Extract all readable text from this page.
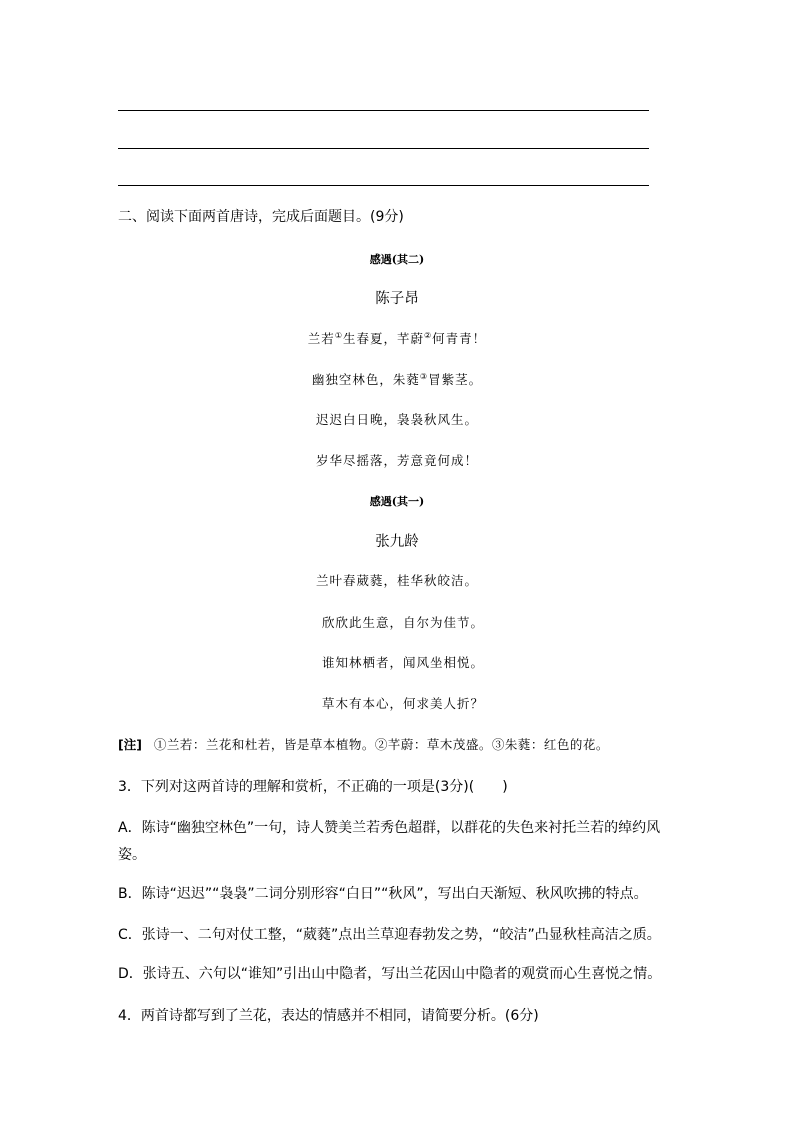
二、阅读下面两首唐诗，完成后面题目。(9分)
感遇(其二)
陈子昂
兰若①生春夏，芊蔚②何青青！
幽独空林色，朱蕤③冒紫茎。
迟迟白日晚，袅袅秋风生。
岁华尽摇落，芳意竟何成！
感遇(其一)
张九龄
兰叶春葳蕤，桂华秋皎洁。
欣欣此生意，自尔为佳节。
谁知林栖者，闻风坐相悦。
草木有本心，何求美人折？
[注] ①兰若：兰花和杜若，皆是草本植物。②芊蔚：草木茂盛。③朱蕤：红色的花。
3．下列对这两首诗的理解和赏析，不正确的一项是(3分)(　　)
A．陈诗“幽独空林色”一句，诗人赞美兰若秀色超群，以群花的失色来衬托兰若的绰约风
姿。
B．陈诗“迟迟”“袅袅”二词分别形容“白日”“秋风”，写出白天渐短、秋风吹拂的特点。
C．张诗一、二句对仗工整，“葳蕤”点出兰草迎春勃发之势，“皎洁”凸显秋桂高洁之质。
D．张诗五、六句以“谁知”引出山中隐者，写出兰花因山中隐者的观赏而心生喜悦之情。
4．两首诗都写到了兰花，表达的情感并不相同，请简要分析。(6分)
